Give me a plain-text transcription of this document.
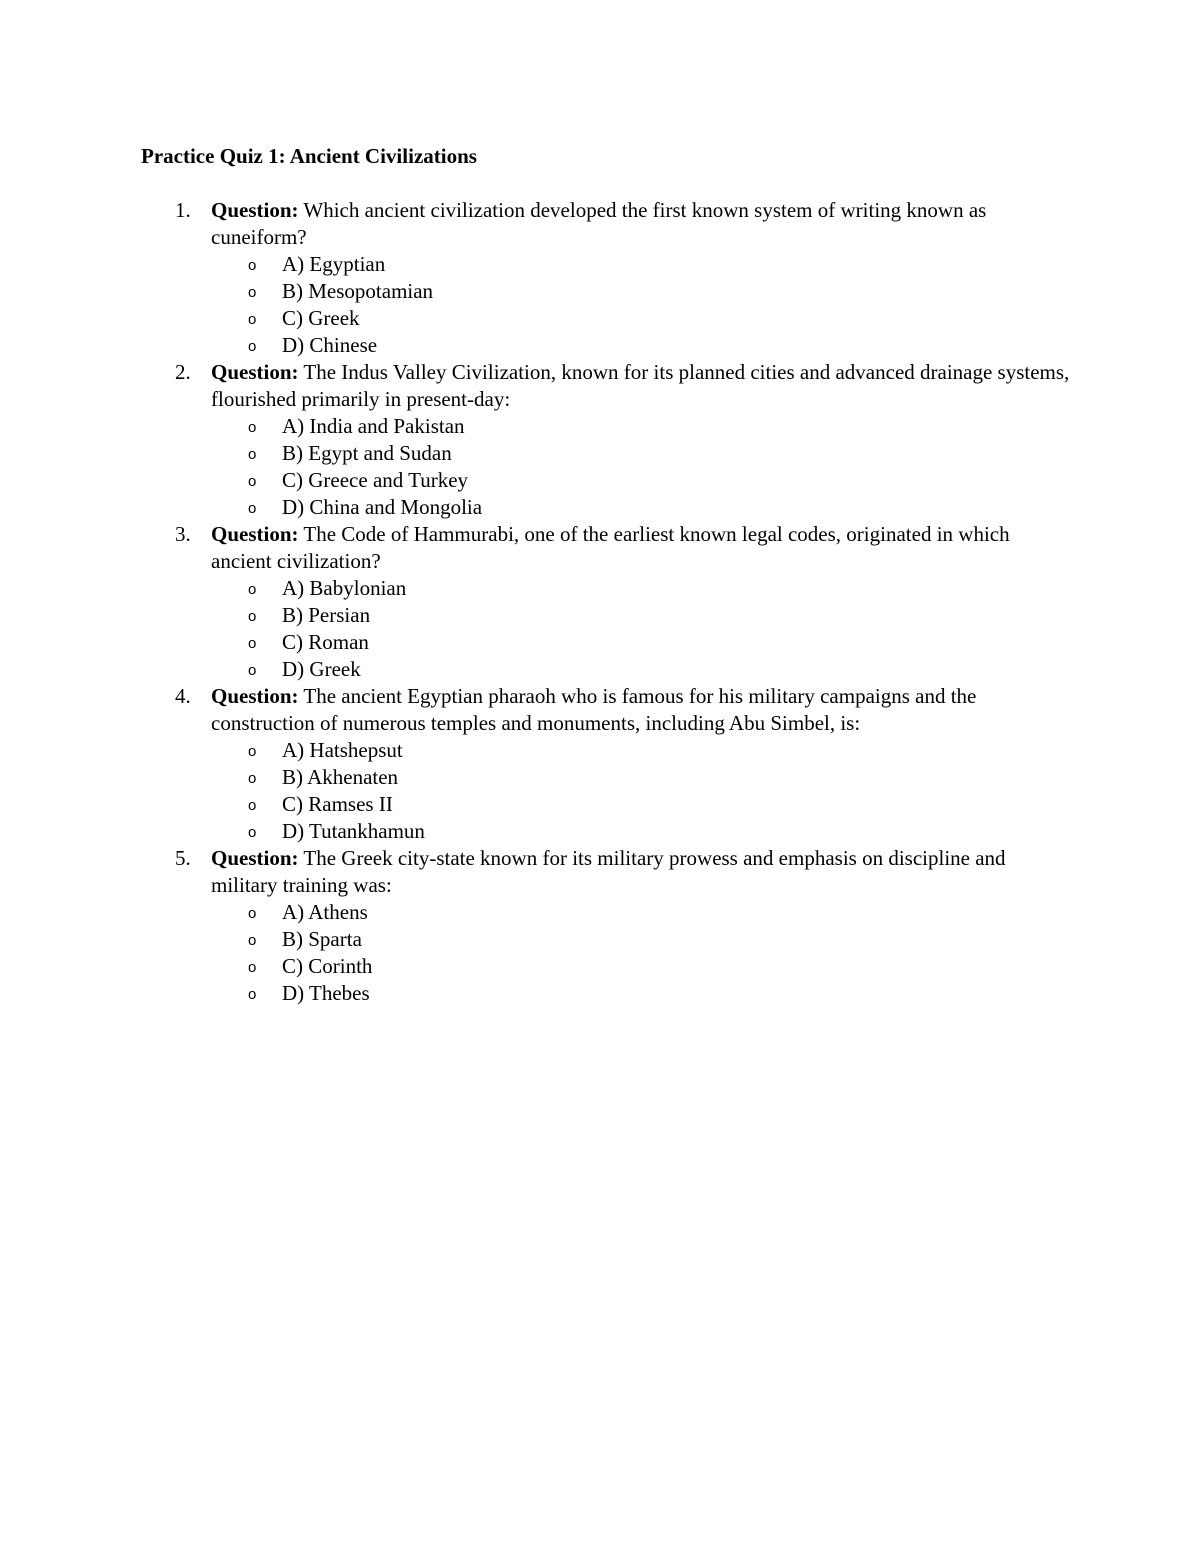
Practice Quiz 1: Ancient Civilizations
1. Question: Which ancient civilization developed the first known system of writing known as cuneiform?
o A) Egyptian
o B) Mesopotamian
o C) Greek
o D) Chinese
2. Question: The Indus Valley Civilization, known for its planned cities and advanced drainage systems, flourished primarily in present-day:
o A) India and Pakistan
o B) Egypt and Sudan
o C) Greece and Turkey
o D) China and Mongolia
3. Question: The Code of Hammurabi, one of the earliest known legal codes, originated in which ancient civilization?
o A) Babylonian
o B) Persian
o C) Roman
o D) Greek
4. Question: The ancient Egyptian pharaoh who is famous for his military campaigns and the construction of numerous temples and monuments, including Abu Simbel, is:
o A) Hatshepsut
o B) Akhenaten
o C) Ramses II
o D) Tutankhamun
5. Question: The Greek city-state known for its military prowess and emphasis on discipline and military training was:
o A) Athens
o B) Sparta
o C) Corinth
o D) Thebes
